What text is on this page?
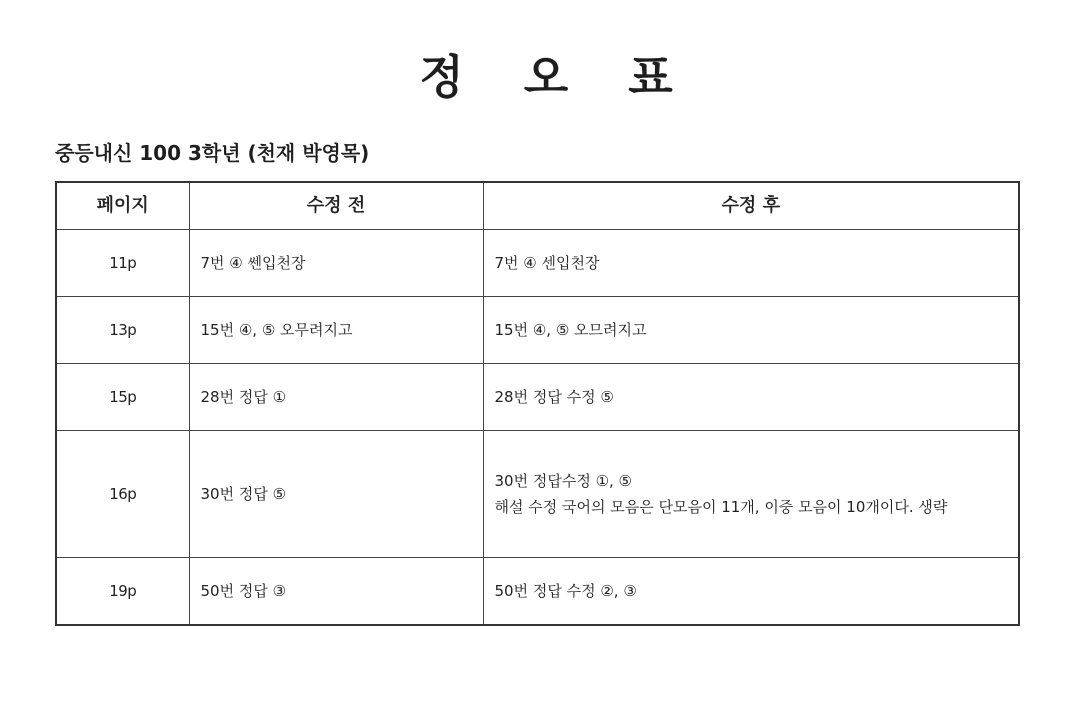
정 오 표
중등내신 100 3학년 (천재 박영목)
페이지	수정 전	수정 후
11p	7번 ④ 쎈입천장	7번 ④ 센입천장

13p	15번 ④, ⑤ 오무려지고	15번 ④, ⑤ 오므려지고

15p	28번 정답 ①	28번 정답 수정 ⑤

16p	30번 정답 ⑤	30번 정답수정 ①, ⑤
해설 수정 국어의 모음은 단모음이 11개, 이중 모음이 10개이다. 생략

19p	50번 정답 ③	50번 정답 수정 ②, ③
